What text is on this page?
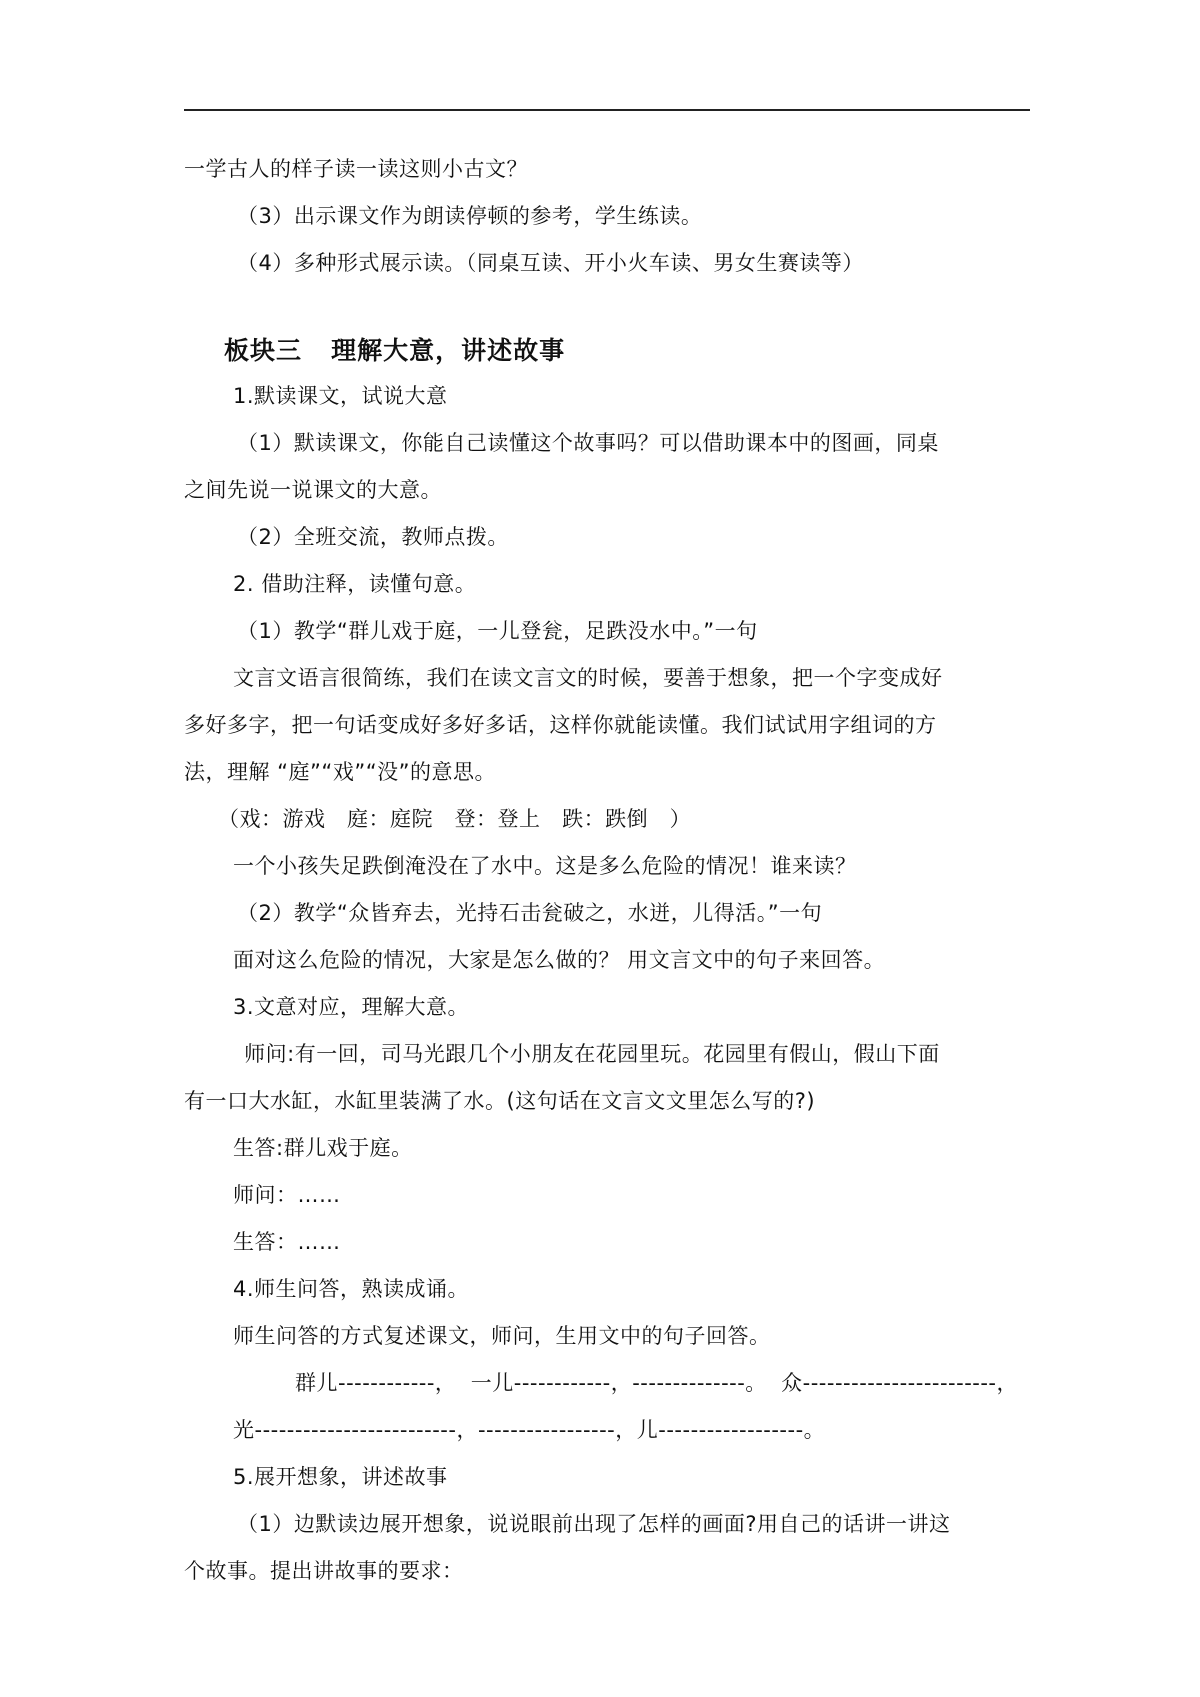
一学古人的样子读一读这则小古文？
（3）出示课文作为朗读停顿的参考，学生练读。
（4）多种形式展示读。（同桌互读、开小火车读、男女生赛读等）
板块三   理解大意，讲述故事
1.默读课文，试说大意
（1）默读课文，你能自己读懂这个故事吗？可以借助课本中的图画，同桌
之间先说一说课文的大意。
（2）全班交流，教师点拨。
2. 借助注释，读懂句意。
（1）教学“群儿戏于庭，一儿登瓮，足跌没水中。”一句
文言文语言很简练，我们在读文言文的时候，要善于想象，把一个字变成好
多好多字，把一句话变成好多好多话，这样你就能读懂。我们试试用字组词的方
法，理解 “庭”“戏”“没”的意思。
（戏：游戏   庭：庭院   登：登上   跌：跌倒   ）
一个小孩失足跌倒淹没在了水中。这是多么危险的情况！谁来读？
（2）教学“众皆弃去，光持石击瓮破之，水迸，儿得活。”一句
面对这么危险的情况，大家是怎么做的？ 用文言文中的句子来回答。
3.文意对应，理解大意。
师问:有一回，司马光跟几个小朋友在花园里玩。花园里有假山，假山下面
有一口大水缸，水缸里装满了水。(这句话在文言文文里怎么写的?)
生答:群儿戏于庭。
师问：……
生答：……
4.师生问答，熟读成诵。
师生问答的方式复述课文，师问，生用文中的句子回答。
群儿------------，  一儿------------，--------------。  众------------------------，
光-------------------------，-----------------，儿------------------。
5.展开想象，讲述故事
（1）边默读边展开想象，说说眼前出现了怎样的画面?用自己的话讲一讲这
个故事。提出讲故事的要求：
